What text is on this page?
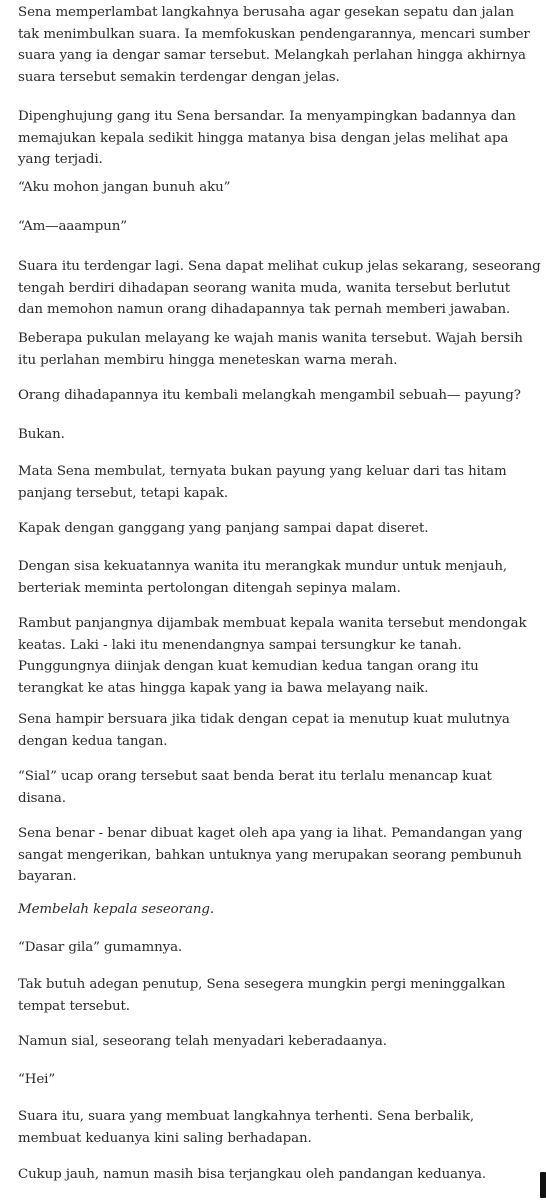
Sena memperlambat langkahnya berusaha agar gesekan sepatu dan jalan
tak menimbulkan suara. Ia memfokuskan pendengarannya, mencari sumber
suara yang ia dengar samar tersebut. Melangkah perlahan hingga akhirnya
suara tersebut semakin terdengar dengan jelas.

Dipenghujung gang itu Sena bersandar. Ia menyampingkan badannya dan
memajukan kepala sedikit hingga matanya bisa dengan jelas melihat apa
yang terjadi.

“Aku mohon jangan bunuh aku”

“Am—aaampun”

Suara itu terdengar lagi. Sena dapat melihat cukup jelas sekarang, seseorang
tengah berdiri dihadapan seorang wanita muda, wanita tersebut berlutut
dan memohon namun orang dihadapannya tak pernah memberi jawaban.

Beberapa pukulan melayang ke wajah manis wanita tersebut. Wajah bersih
itu perlahan membiru hingga meneteskan warna merah.

Orang dihadapannya itu kembali melangkah mengambil sebuah— payung?

Bukan.

Mata Sena membulat, ternyata bukan payung yang keluar dari tas hitam
panjang tersebut, tetapi kapak.

Kapak dengan ganggang yang panjang sampai dapat diseret.

Dengan sisa kekuatannya wanita itu merangkak mundur untuk menjauh,
berteriak meminta pertolongan ditengah sepinya malam.

Rambut panjangnya dijambak membuat kepala wanita tersebut mendongak
keatas. Laki - laki itu menendangnya sampai tersungkur ke tanah.
Punggungnya diinjak dengan kuat kemudian kedua tangan orang itu
terangkat ke atas hingga kapak yang ia bawa melayang naik.

Sena hampir bersuara jika tidak dengan cepat ia menutup kuat mulutnya
dengan kedua tangan.

“Sial” ucap orang tersebut saat benda berat itu terlalu menancap kuat
disana.

Sena benar - benar dibuat kaget oleh apa yang ia lihat. Pemandangan yang
sangat mengerikan, bahkan untuknya yang merupakan seorang pembunuh
bayaran.

Membelah kepala seseorang.

“Dasar gila” gumamnya.

Tak butuh adegan penutup, Sena sesegera mungkin pergi meninggalkan
tempat tersebut.

Namun sial, seseorang telah menyadari keberadaanya.

“Hei”

Suara itu, suara yang membuat langkahnya terhenti. Sena berbalik,
membuat keduanya kini saling berhadapan.

Cukup jauh, namun masih bisa terjangkau oleh pandangan keduanya.
